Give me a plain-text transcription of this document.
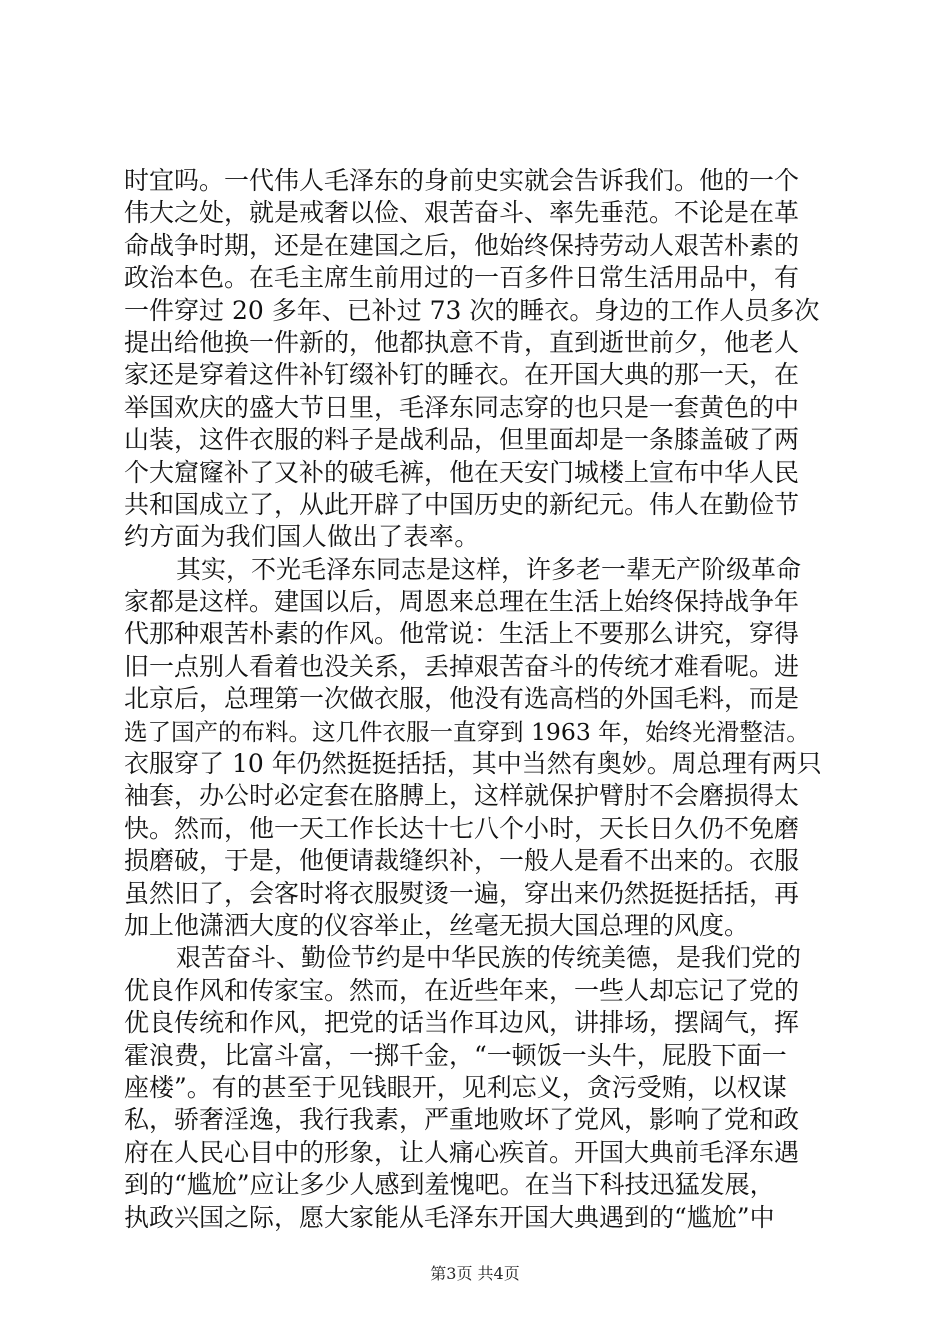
时宜吗。一代伟人毛泽东的身前史实就会告诉我们。他的一个
伟大之处，就是戒奢以俭、艰苦奋斗、率先垂范。不论是在革
命战争时期，还是在建国之后，他始终保持劳动人艰苦朴素的
政治本色。在毛主席生前用过的一百多件日常生活用品中，有
一件穿过 20 多年、已补过 73 次的睡衣。身边的工作人员多次
提出给他换一件新的，他都执意不肯，直到逝世前夕，他老人
家还是穿着这件补钉缀补钉的睡衣。在开国大典的那一天，在
举国欢庆的盛大节日里，毛泽东同志穿的也只是一套黄色的中
山装，这件衣服的料子是战利品，但里面却是一条膝盖破了两
个大窟窿补了又补的破毛裤，他在天安门城楼上宣布中华人民
共和国成立了，从此开辟了中国历史的新纪元。伟人在勤俭节
约方面为我们国人做出了表率。
其实，不光毛泽东同志是这样，许多老一辈无产阶级革命
家都是这样。建国以后，周恩来总理在生活上始终保持战争年
代那种艰苦朴素的作风。他常说：生活上不要那么讲究，穿得
旧一点别人看着也没关系，丢掉艰苦奋斗的传统才难看呢。进
北京后，总理第一次做衣服，他没有选高档的外国毛料，而是
选了国产的布料。这几件衣服一直穿到 1963 年，始终光滑整洁。
衣服穿了 10 年仍然挺挺括括，其中当然有奥妙。周总理有两只
袖套，办公时必定套在胳膊上，这样就保护臂肘不会磨损得太
快。然而，他一天工作长达十七八个小时，天长日久仍不免磨
损磨破，于是，他便请裁缝织补，一般人是看不出来的。衣服
虽然旧了，会客时将衣服熨烫一遍，穿出来仍然挺挺括括，再
加上他潇洒大度的仪容举止，丝毫无损大国总理的风度。
艰苦奋斗、勤俭节约是中华民族的传统美德，是我们党的
优良作风和传家宝。然而，在近些年来，一些人却忘记了党的
优良传统和作风，把党的话当作耳边风，讲排场，摆阔气，挥
霍浪费，比富斗富，一掷千金，“一顿饭一头牛，屁股下面一
座楼”。有的甚至于见钱眼开，见利忘义，贪污受贿，以权谋
私，骄奢淫逸，我行我素，严重地败坏了党风，影响了党和政
府在人民心目中的形象，让人痛心疾首。开国大典前毛泽东遇
到的“尴尬”应让多少人感到羞愧吧。在当下科技迅猛发展，
执政兴国之际，愿大家能从毛泽东开国大典遇到的“尴尬”中
第3页 共4页
